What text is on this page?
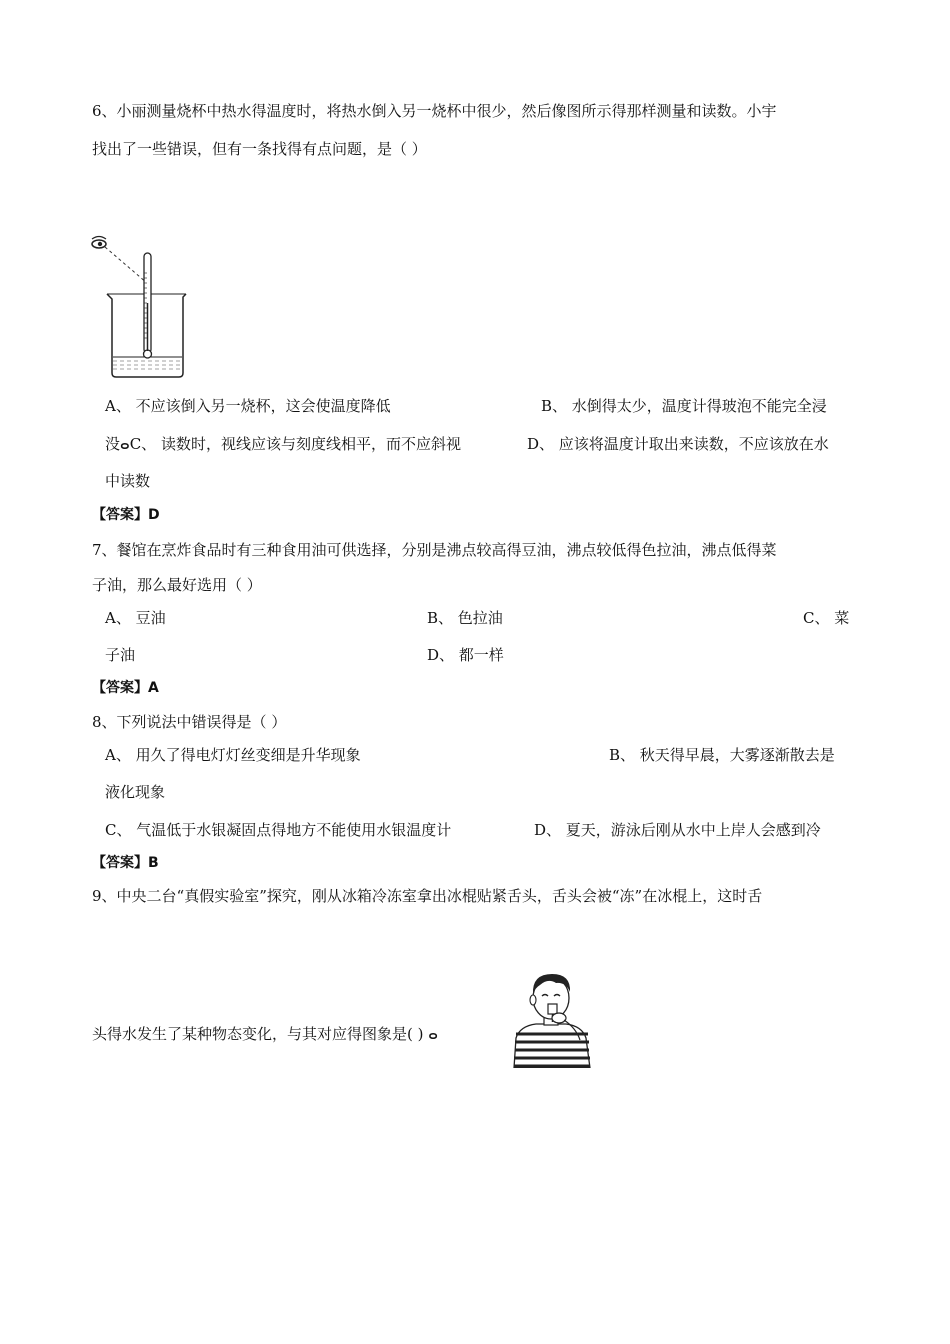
6、小丽测量烧杯中热水得温度时，将热水倒入另一烧杯中很少，然后像图所示得那样测量和读数。小宇
找出了一些错误，但有一条找得有点问题，是（ ）
A、 不应该倒入另一烧杯，这会使温度降低	B、 水倒得太少，温度计得玻泡不能完全浸
没ⴰC、 读数时，视线应该与刻度线相平，而不应斜视	D、 应该将温度计取出来读数，不应该放在水
中读数
【答案】D
7、餐馆在烹炸食品时有三种食用油可供选择，分别是沸点较高得豆油，沸点较低得色拉油，沸点低得菜
子油，那么最好选用（ ）
A、 豆油	B、 色拉油	C、 菜
子油	D、 都一样
【答案】A
8、下列说法中错误得是（ ）
A、 用久了得电灯灯丝变细是升华现象	B、 秋天得早晨，大雾逐渐散去是
液化现象
C、 气温低于水银凝固点得地方不能使用水银温度计	D、 夏天，游泳后刚从水中上岸人会感到冷
【答案】B
9、中央二台“真假实验室”探究，刚从冰箱冷冻室拿出冰棍贴紧舌头，舌头会被“冻”在冰棍上，这时舌
头得水发生了某种物态变化，与其对应得图象是( ) ⴰ
